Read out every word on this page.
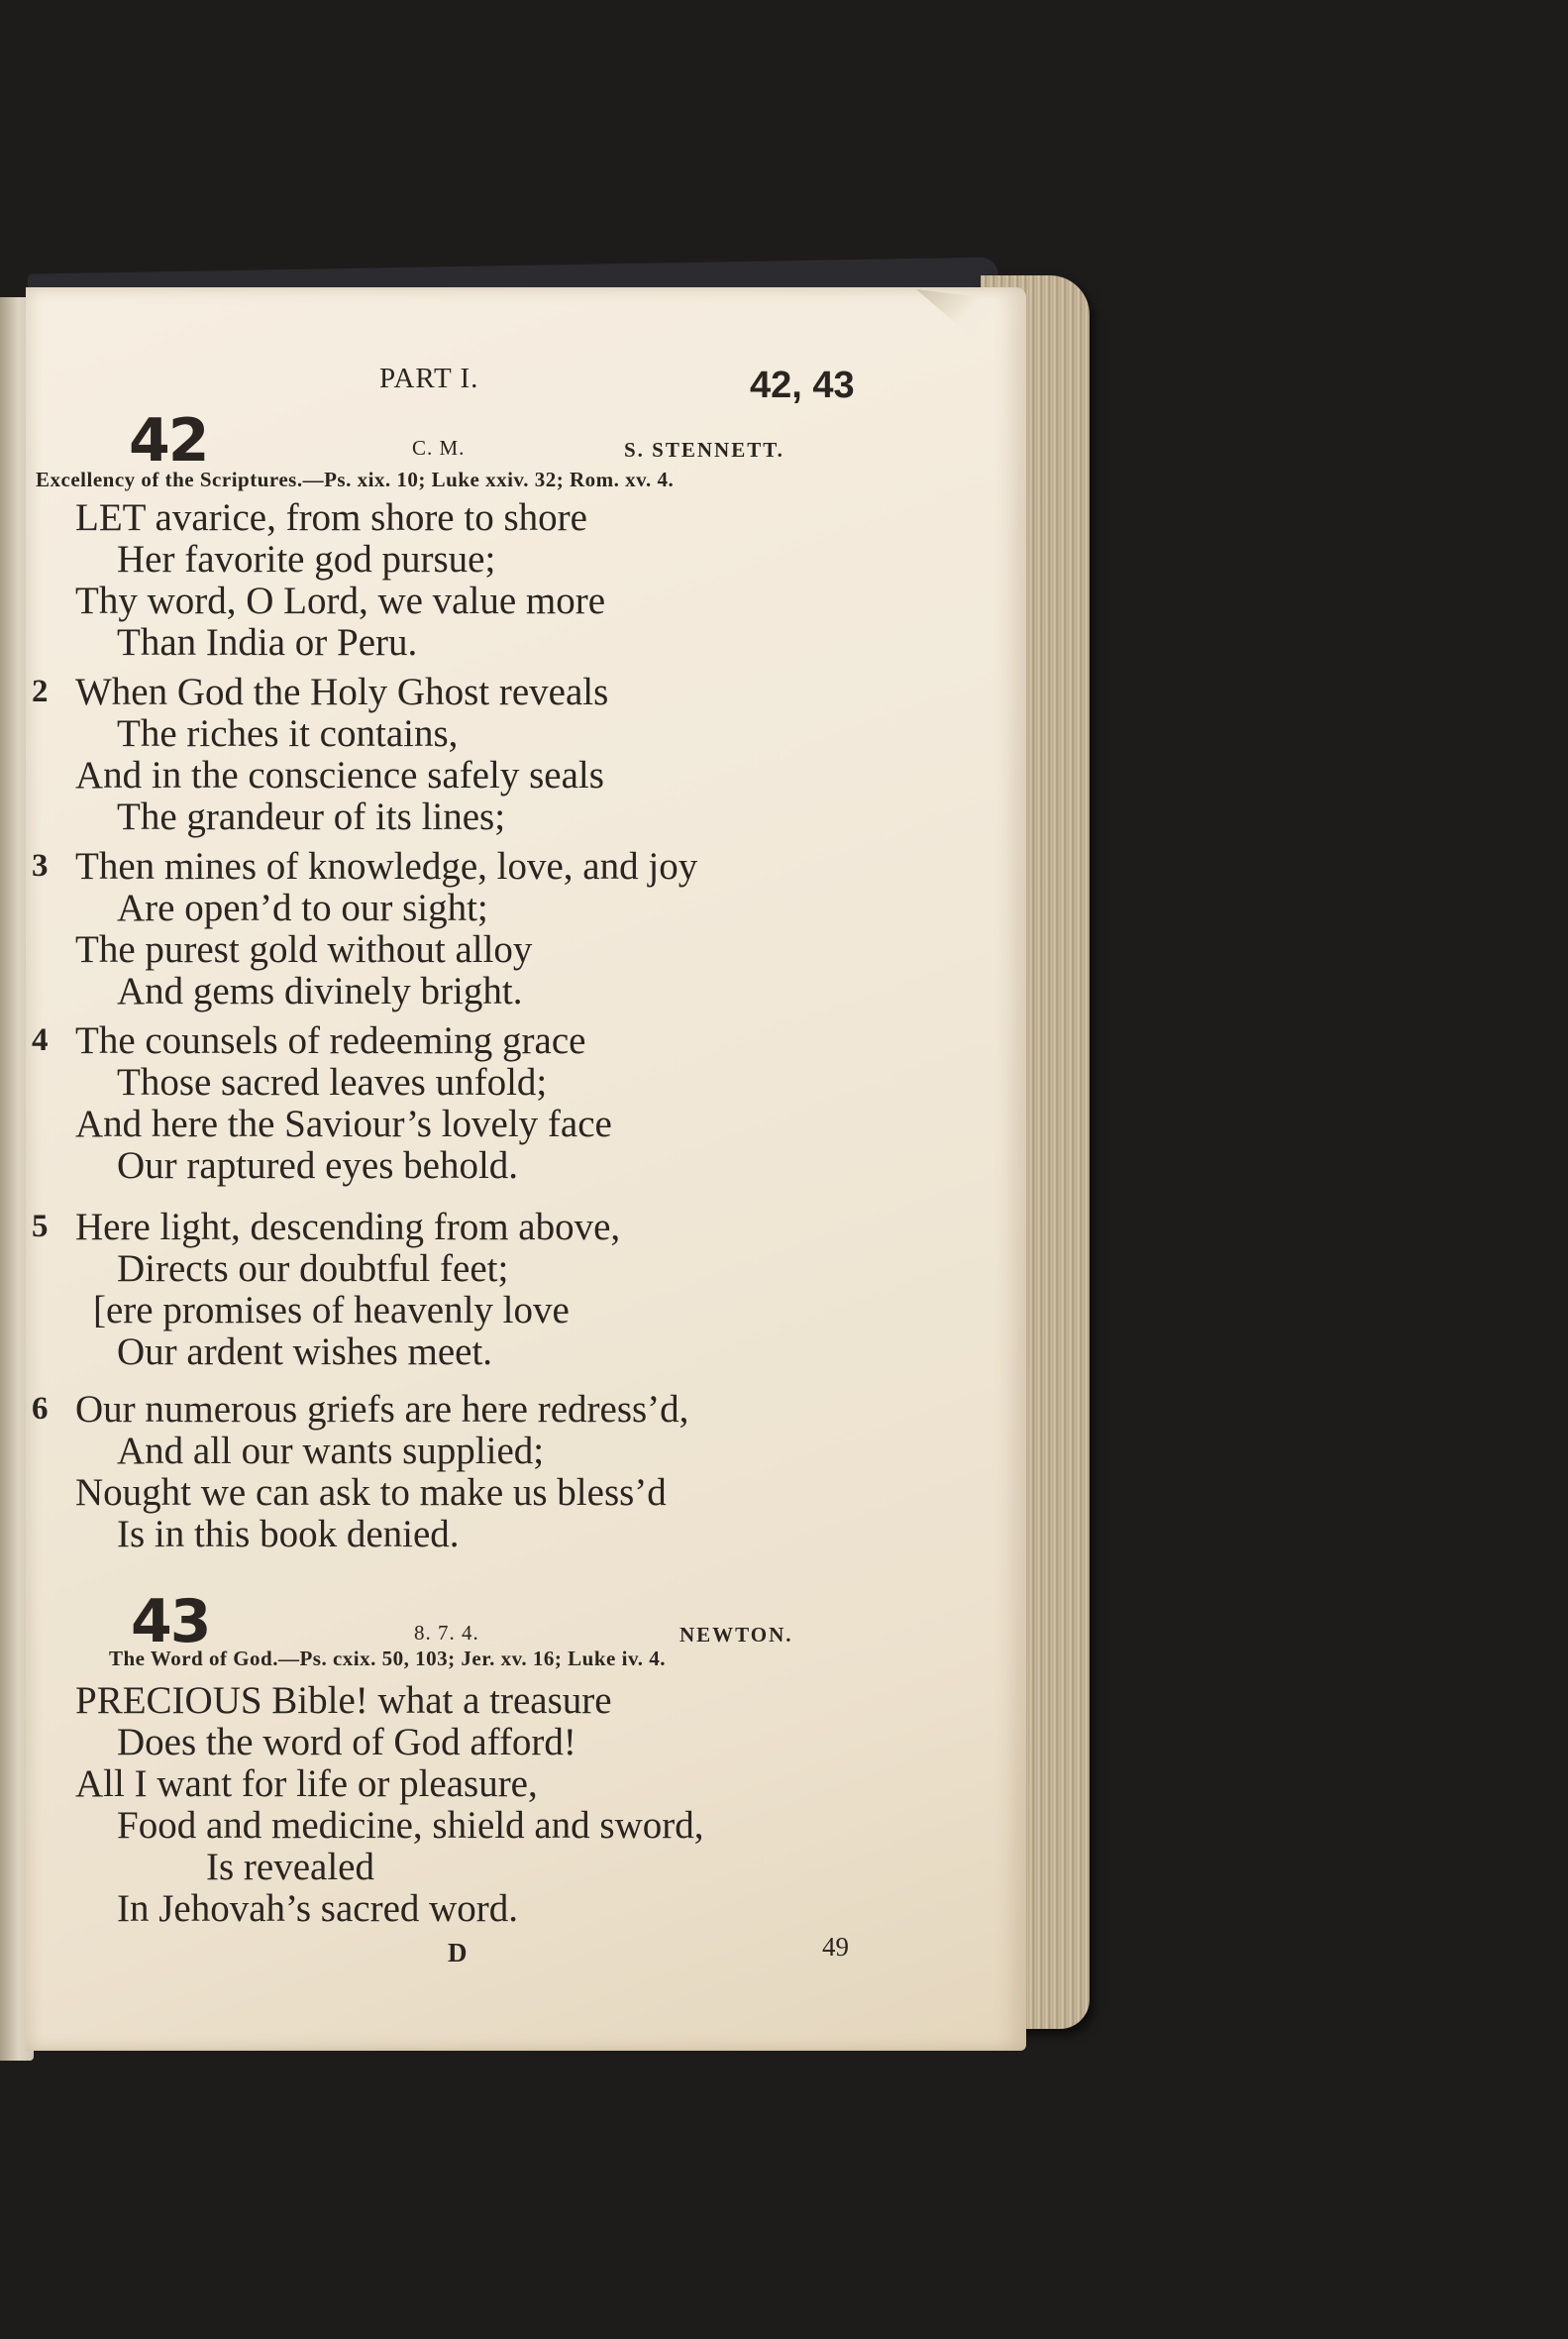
PART I.	42, 43
42	C. M.	S. STENNETT.
Excellency of the Scriptures.—Ps. xix. 10; Luke xxiv. 32; Rom. xv. 4.
LET avarice, from shore to shore
Her favorite god pursue;
Thy word, O Lord, we value more
Than India or Peru.
2 When God the Holy Ghost reveals
The riches it contains,
And in the conscience safely seals
The grandeur of its lines;
3 Then mines of knowledge, love, and joy
Are open’d to our sight;
The purest gold without alloy
And gems divinely bright.
4 The counsels of redeeming grace
Those sacred leaves unfold;
And here the Saviour’s lovely face
Our raptured eyes behold.
5 Here light, descending from above,
Directs our doubtful feet;
[ere promises of heavenly love
Our ardent wishes meet.
6 Our numerous griefs are here redress’d,
And all our wants supplied;
Nought we can ask to make us bless’d
Is in this book denied.
43	8. 7. 4.	NEWTON.
The Word of God.—Ps. cxix. 50, 103; Jer. xv. 16; Luke iv. 4.
PRECIOUS Bible! what a treasure
Does the word of God afford!
All I want for life or pleasure,
Food and medicine, shield and sword,
Is revealed
In Jehovah’s sacred word.
D	49
